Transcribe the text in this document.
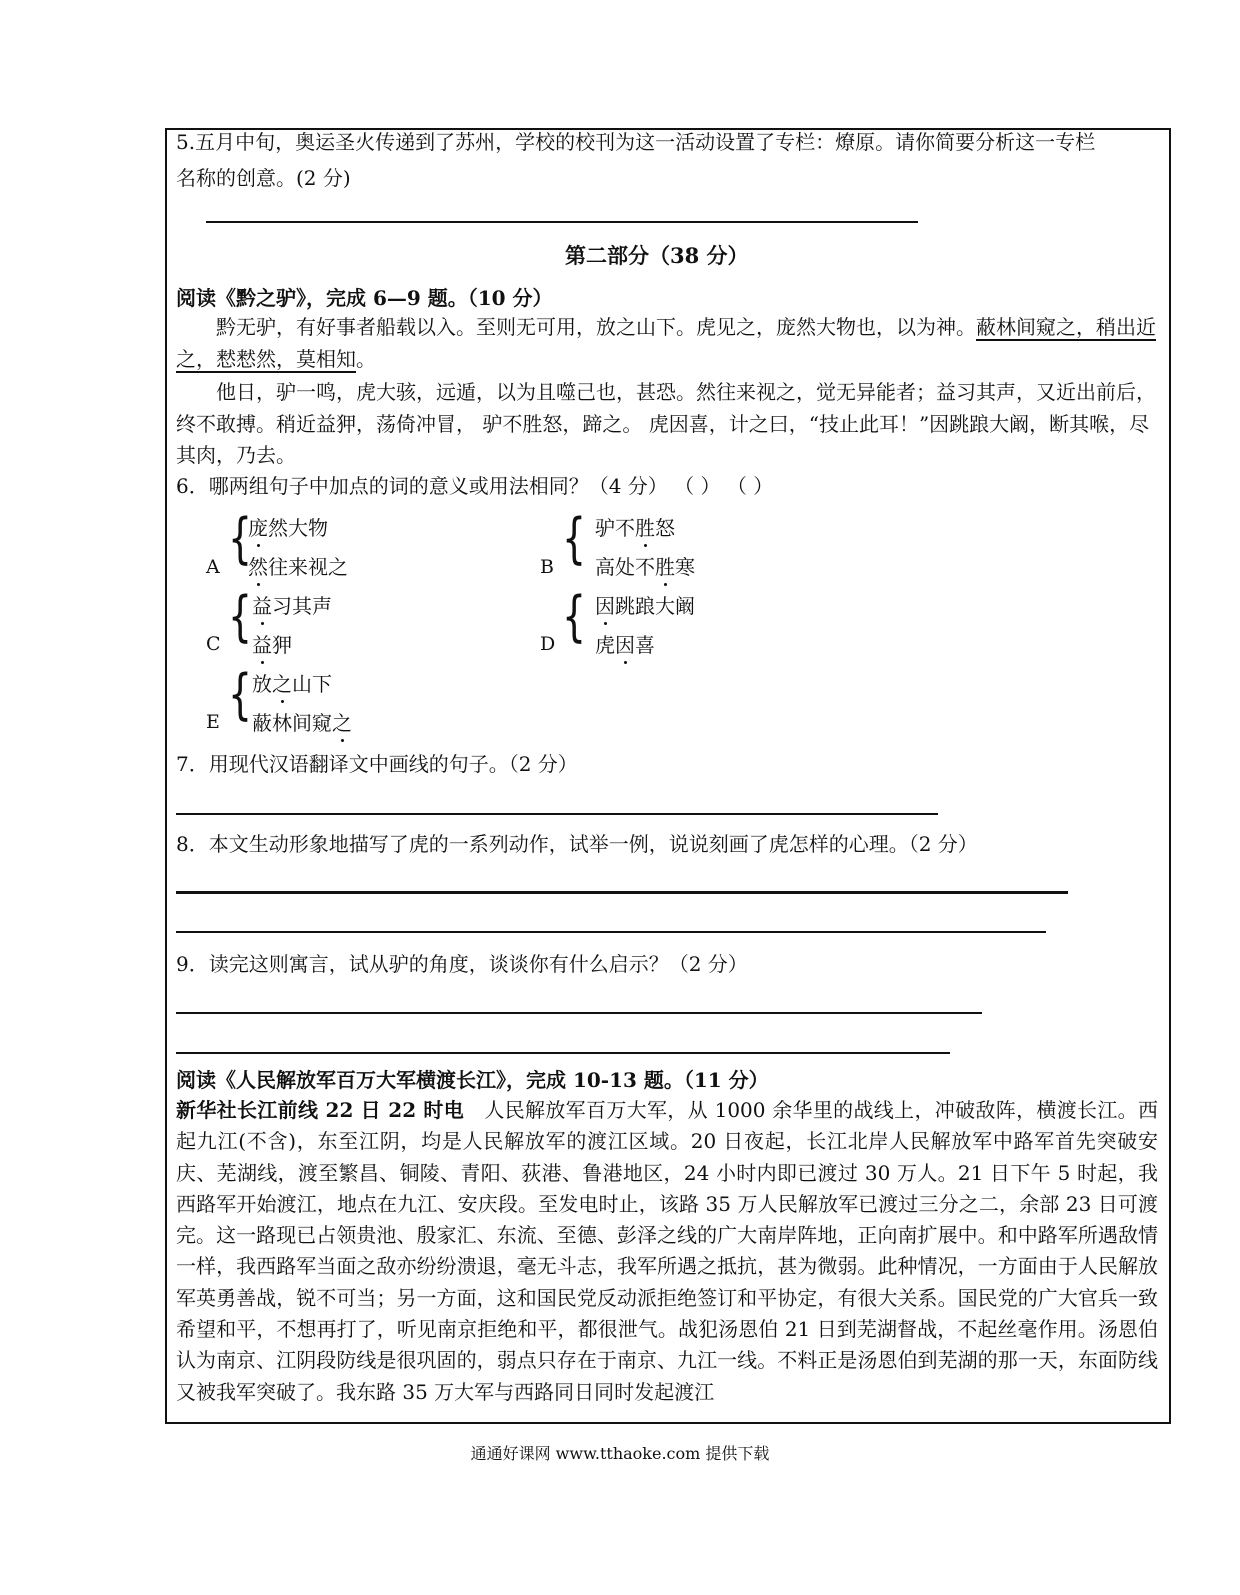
5.五月中旬，奥运圣火传递到了苏州，学校的校刊为这一活动设置了专栏：燎原。请你简要分析这一专栏
名称的创意。(2 分)
第二部分（38 分）
阅读《黔之驴》，完成 6—9 题。（10 分）
黔无驴，有好事者船载以入。至则无可用，放之山下。虎见之，庞然大物也，以为神。蔽林间窥之，稍出近之，慭慭然，莫相知。
他日，驴一鸣，虎大骇，远遁，以为且噬己也，甚恐。然往来视之，觉无异能者；益习其声，又近出前后，终不敢搏。稍近益狎，荡倚冲冒， 驴不胜怒，蹄之。 虎因喜，计之曰，“技止此耳！”因跳踉大阚，断其喉，尽其肉，乃去。
6．哪两组句子中加点的词的意义或用法相同？（4 分） （ ） （ ）
{
A
庞然大物
然往来视之	{
B
驴不胜怒
高处不胜寒
{
C
益习其声
益狎	{
D
因跳踉大阚
虎因喜
{
E
放之山下
蔽林间窥之
7．用现代汉语翻译文中画线的句子。（2 分）
8．本文生动形象地描写了虎的一系列动作，试举一例，说说刻画了虎怎样的心理。（2 分）
9．读完这则寓言，试从驴的角度，谈谈你有什么启示？（2 分）
阅读《人民解放军百万大军横渡长江》，完成 10-13 题。（11 分）
新华社长江前线 22 日 22 时电　 人民解放军百万大军，从 1000 余华里的战线上，冲破敌阵，横渡长江。西起九江(不含)，东至江阴，均是人民解放军的渡江区域。20 日夜起，长江北岸人民解放军中路军首先突破安庆、芜湖线，渡至繁昌、铜陵、青阳、荻港、鲁港地区，24 小时内即已渡过 30 万人。21 日下午 5 时起，我西路军开始渡江，地点在九江、安庆段。至发电时止，该路 35 万人民解放军已渡过三分之二，余部 23 日可渡完。这一路现已占领贵池、殷家汇、东流、至德、彭泽之线的广大南岸阵地，正向南扩展中。和中路军所遇敌情一样，我西路军当面之敌亦纷纷溃退，毫无斗志，我军所遇之抵抗，甚为微弱。此种情况，一方面由于人民解放军英勇善战，锐不可当；另一方面，这和国民党反动派拒绝签订和平协定，有很大关系。国民党的广大官兵一致希望和平，不想再打了，听见南京拒绝和平，都很泄气。战犯汤恩伯 21 日到芜湖督战，不起丝毫作用。汤恩伯认为南京、江阴段防线是很巩固的，弱点只存在于南京、九江一线。不料正是汤恩伯到芜湖的那一天，东面防线又被我军突破了。我东路 35 万大军与西路同日同时发起渡江
通通好课网 www.tthaoke.com 提供下载
